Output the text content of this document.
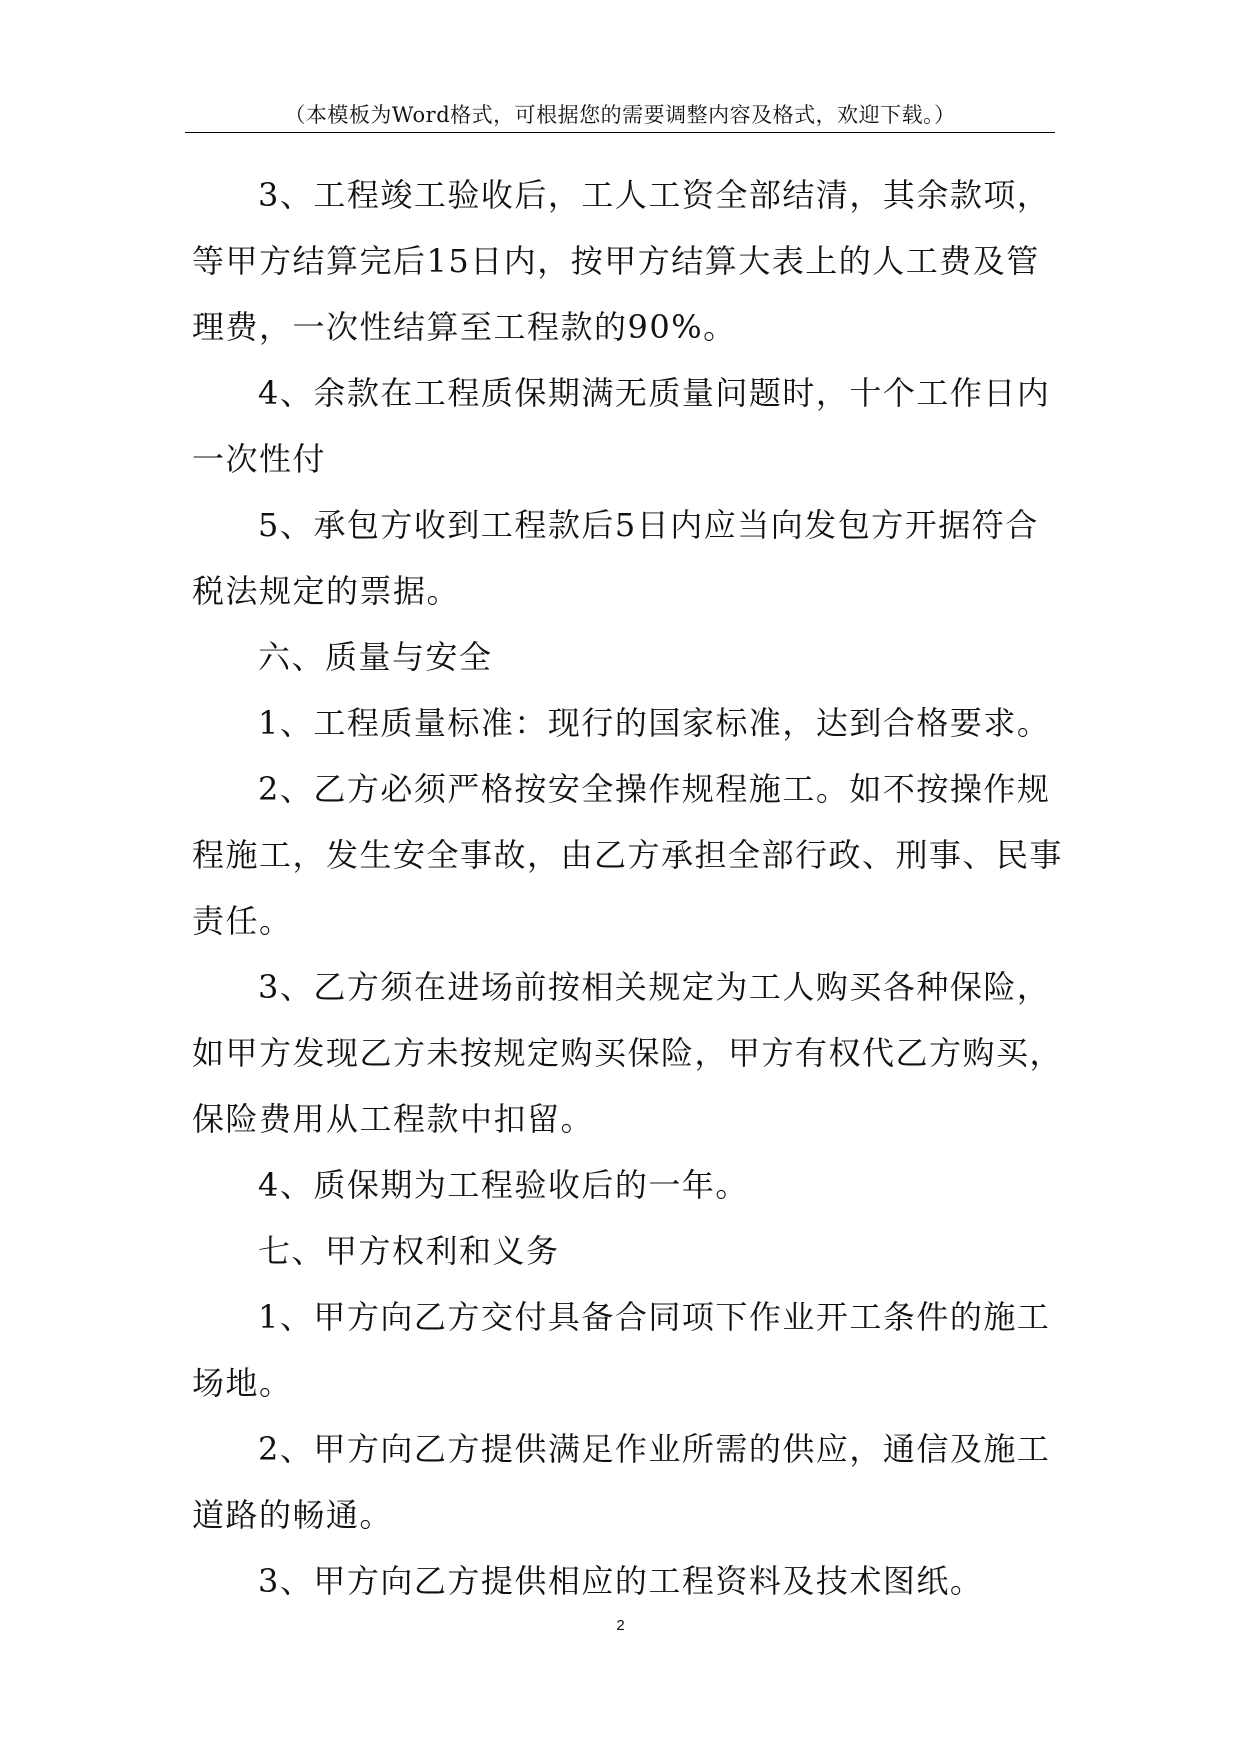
（本模板为Word格式，可根据您的需要调整内容及格式，欢迎下载。）

3、工程竣工验收后，工人工资全部结清，其余款项，
等甲方结算完后15日内，按甲方结算大表上的人工费及管
理费，一次性结算至工程款的90%。

4、余款在工程质保期满无质量问题时，十个工作日内
一次性付

5、承包方收到工程款后5日内应当向发包方开据符合
税法规定的票据。

六、质量与安全

1、工程质量标准：现行的国家标准，达到合格要求。

2、乙方必须严格按安全操作规程施工。如不按操作规
程施工，发生安全事故，由乙方承担全部行政、刑事、民事
责任。

3、乙方须在进场前按相关规定为工人购买各种保险，
如甲方发现乙方未按规定购买保险，甲方有权代乙方购买，
保险费用从工程款中扣留。

4、质保期为工程验收后的一年。

七、甲方权利和义务

1、甲方向乙方交付具备合同项下作业开工条件的施工
场地。

2、甲方向乙方提供满足作业所需的供应，通信及施工
道路的畅通。

3、甲方向乙方提供相应的工程资料及技术图纸。

2
